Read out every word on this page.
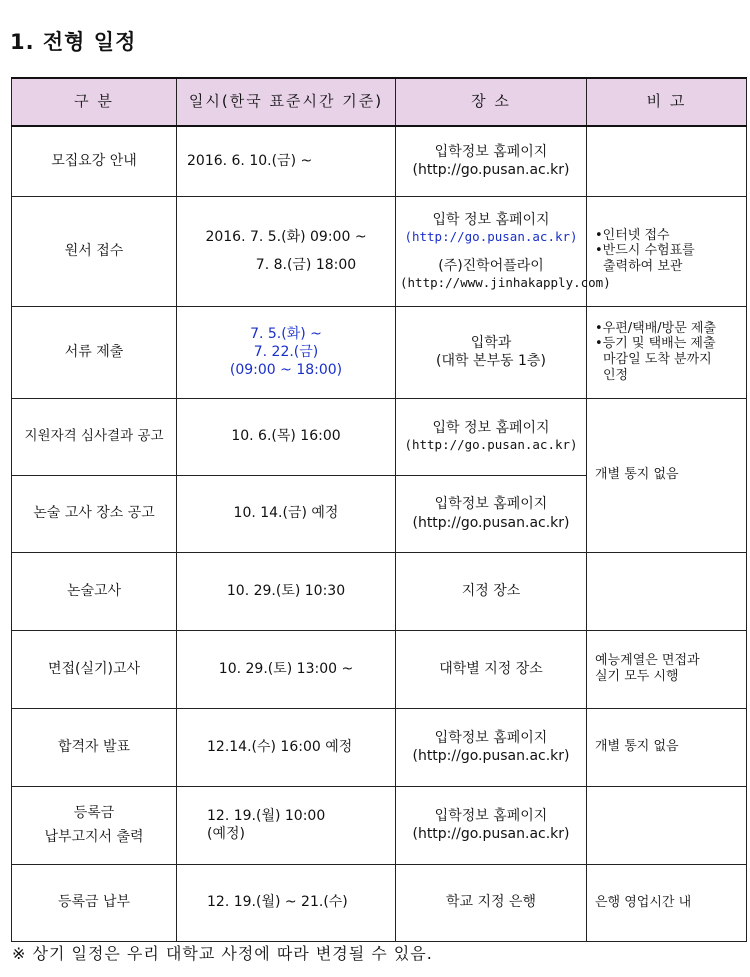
1. 전형 일정
구 분	일시(한국 표준시간 기준)	장 소	비 고
모집요강 안내	2016. 6. 10.(금) ~	입학정보 홈페이지
(http://go.pusan.ac.kr)	

원서 접수	2016. 7. 5.(화) 09:00 ~
7. 8.(금) 18:00	입학 정보 홈페이지
(http://go.pusan.ac.kr)
(주)진학어플라이
(http://www.jinhakapply.com)	•인터넷 접수
•반드시 수험표를
출력하여 보관

서류 제출	7. 5.(화) ~
7. 22.(금)
(09:00 ~ 18:00)	입학과
(대학 본부동 1층)	•우편/택배/방문 제출
•등기 및 택배는 제출
마감일 도착 분까지
인정

지원자격 심사결과 공고	10. 6.(목) 16:00	입학 정보 홈페이지
(http://go.pusan.ac.kr)	개별 통지 없음
논술 고사 장소 공고	10. 14.(금) 예정	입학정보 홈페이지
(http://go.pusan.ac.kr)	

논술고사	10. 29.(토) 10:30	지정 장소	
면접(실기)고사	10. 29.(토) 13:00 ~	대학별 지정 장소	예능계열은 면접과
실기 모두 시행

합격자 발표	12.14.(수) 16:00 예정	입학정보 홈페이지
(http://go.pusan.ac.kr)	개별 통지 없음

등록금
납부고지서 출력	12. 19.(월) 10:00
(예정)	입학정보 홈페이지
(http://go.pusan.ac.kr)	

등록금 납부	12. 19.(월) ~ 21.(수)	학교 지정 은행	은행 영업시간 내
※ 상기 일정은 우리 대학교 사정에 따라 변경될 수 있음.
